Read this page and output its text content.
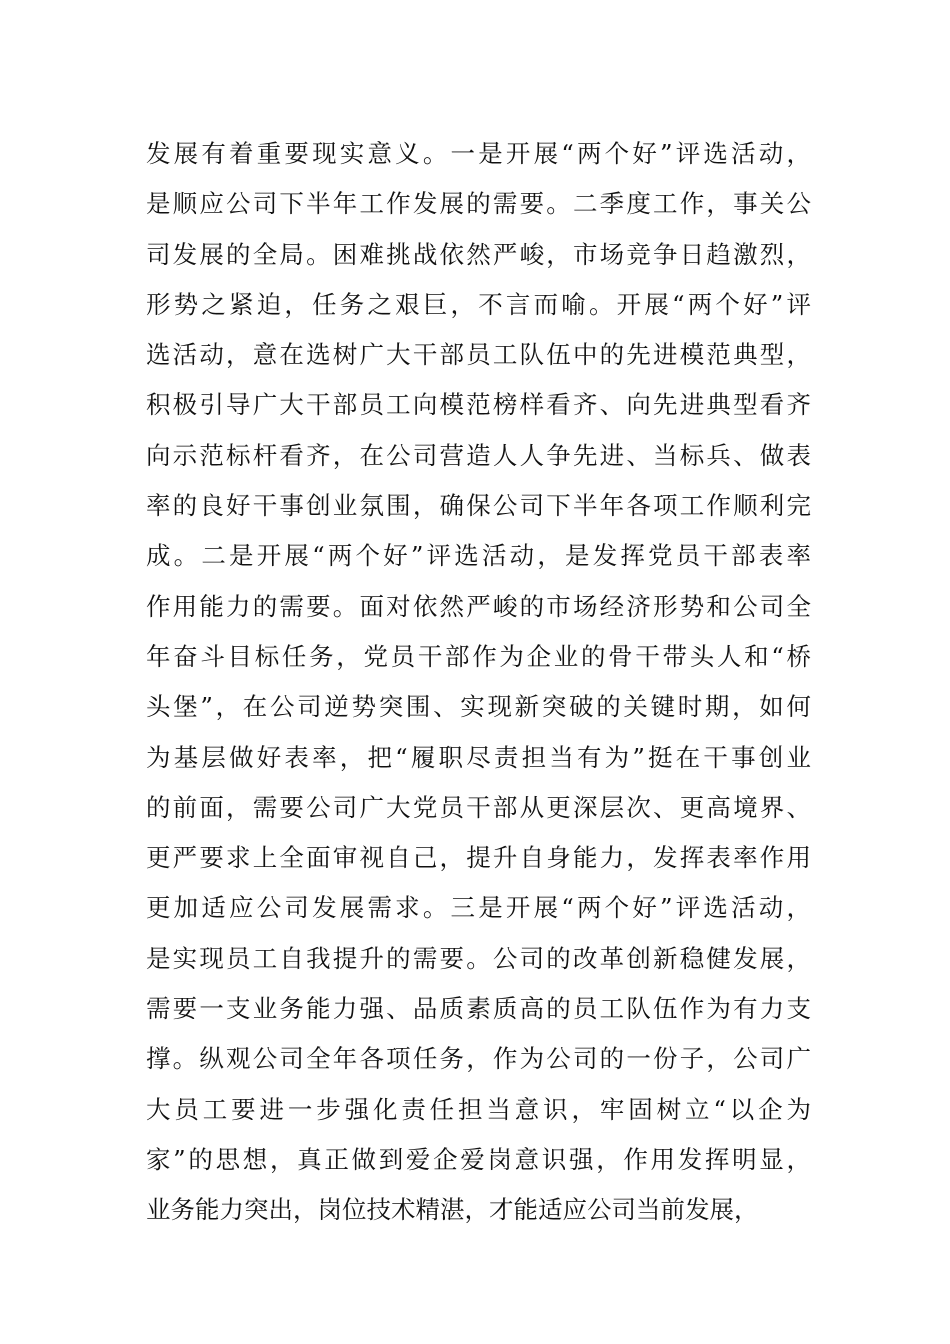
发展有着重要现实意义。一是开展“两个好”评选活动，
是顺应公司下半年工作发展的需要。二季度工作，事关公
司发展的全局。困难挑战依然严峻，市场竞争日趋激烈，
形势之紧迫，任务之艰巨，不言而喻。开展“两个好”评
选活动，意在选树广大干部员工队伍中的先进模范典型，
积极引导广大干部员工向模范榜样看齐、向先进典型看齐
向示范标杆看齐，在公司营造人人争先进、当标兵、做表
率的良好干事创业氛围，确保公司下半年各项工作顺利完
成。二是开展“两个好”评选活动，是发挥党员干部表率
作用能力的需要。面对依然严峻的市场经济形势和公司全
年奋斗目标任务，党员干部作为企业的骨干带头人和“桥
头堡”，在公司逆势突围、实现新突破的关键时期，如何
为基层做好表率，把“履职尽责担当有为”挺在干事创业
的前面，需要公司广大党员干部从更深层次、更高境界、
更严要求上全面审视自己，提升自身能力，发挥表率作用
更加适应公司发展需求。三是开展“两个好”评选活动，
是实现员工自我提升的需要。公司的改革创新稳健发展，
需要一支业务能力强、品质素质高的员工队伍作为有力支
撑。纵观公司全年各项任务，作为公司的一份子，公司广
大员工要进一步强化责任担当意识，牢固树立“以企为
家”的思想，真正做到爱企爱岗意识强，作用发挥明显，
业务能力突出，岗位技术精湛，才能适应公司当前发展，
